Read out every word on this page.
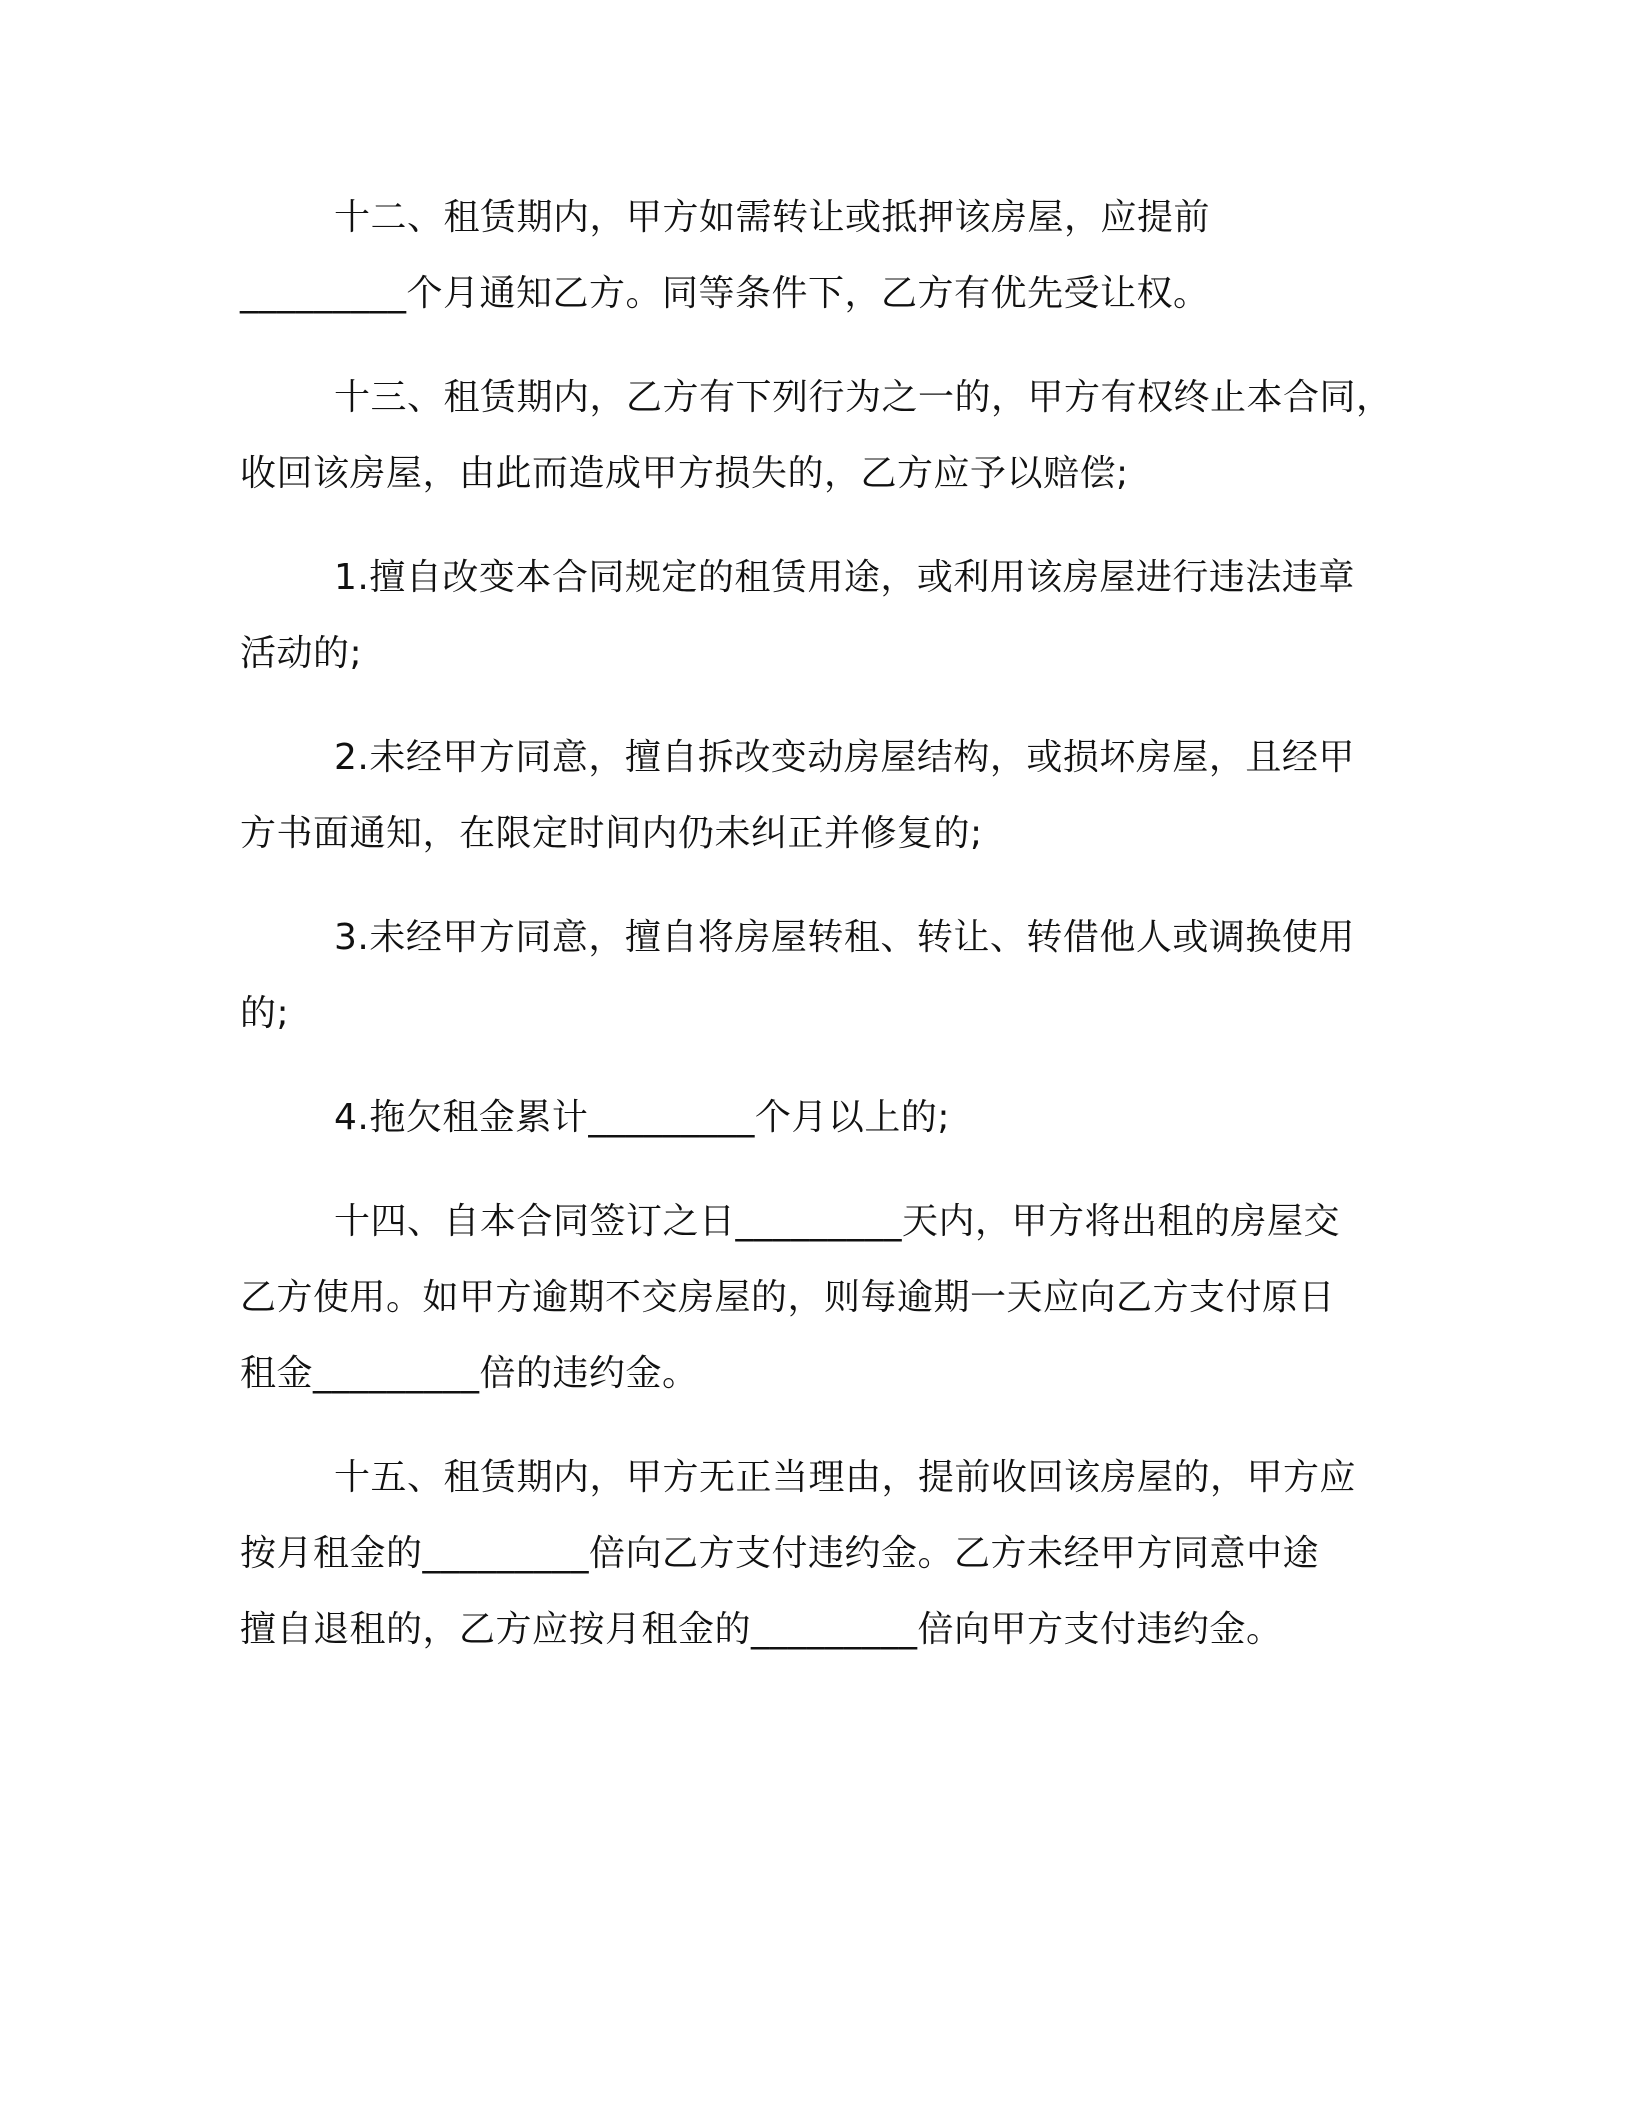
十二、租赁期内，甲方如需转让或抵押该房屋，应提前
_________个月通知乙方。同等条件下，乙方有优先受让权。
十三、租赁期内，乙方有下列行为之一的，甲方有权终止本合同，
收回该房屋，由此而造成甲方损失的，乙方应予以赔偿;
1.擅自改变本合同规定的租赁用途，或利用该房屋进行违法违章
活动的;
2.未经甲方同意，擅自拆改变动房屋结构，或损坏房屋，且经甲
方书面通知，在限定时间内仍未纠正并修复的;
3.未经甲方同意，擅自将房屋转租、转让、转借他人或调换使用
的;
4.拖欠租金累计_________个月以上的;
十四、自本合同签订之日_________天内，甲方将出租的房屋交
乙方使用。如甲方逾期不交房屋的，则每逾期一天应向乙方支付原日
租金_________倍的违约金。
十五、租赁期内，甲方无正当理由，提前收回该房屋的，甲方应
按月租金的_________倍向乙方支付违约金。乙方未经甲方同意中途
擅自退租的，乙方应按月租金的_________倍向甲方支付违约金。
